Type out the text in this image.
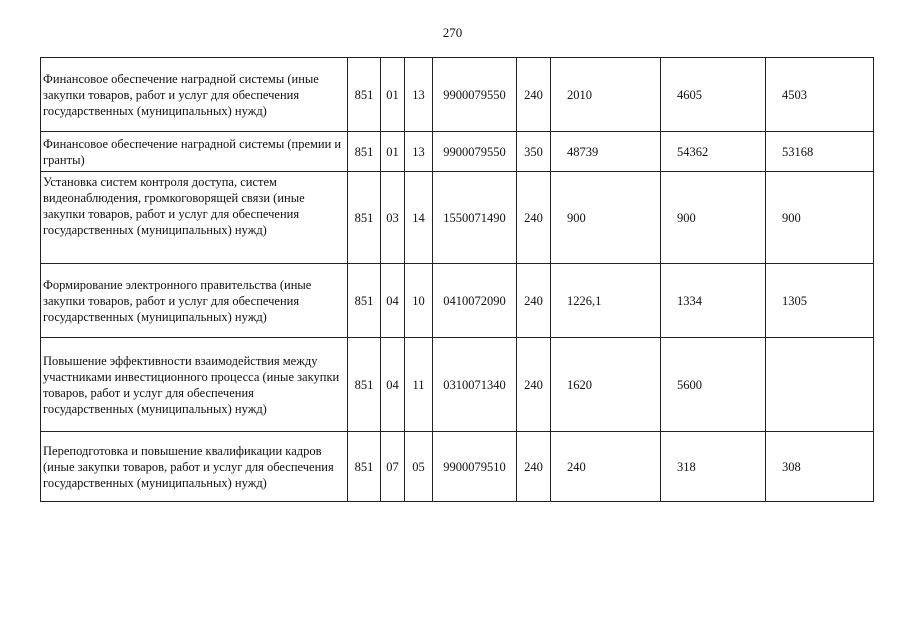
270
Финансовое обеспечение наградной системы (иные закупки товаров, работ и услуг для обеспечения государственных (муниципальных) нужд)	851	01	13	9900079550	240	2010	4605	4503
Финансовое обеспечение наградной системы (премии и гранты)	851	01	13	9900079550	350	48739	54362	53168
Установка систем контроля доступа, систем видеонаблюдения, громкоговорящей связи (иные закупки товаров, работ и услуг для обеспечения государственных (муниципальных) нужд)	851	03	14	1550071490	240	900	900	900
Формирование электронного правительства (иные закупки товаров, работ и услуг для обеспечения государственных (муниципальных) нужд)	851	04	10	0410072090	240	1226,1	1334	1305
Повышение эффективности взаимодействия между участниками инвестиционного процесса (иные закупки товаров, работ и услуг для обеспечения государственных (муниципальных) нужд)	851	04	11	0310071340	240	1620	5600	
Переподготовка и повышение квалификации кадров (иные закупки товаров, работ и услуг для обеспечения государственных (муниципальных) нужд)	851	07	05	9900079510	240	240	318	308
